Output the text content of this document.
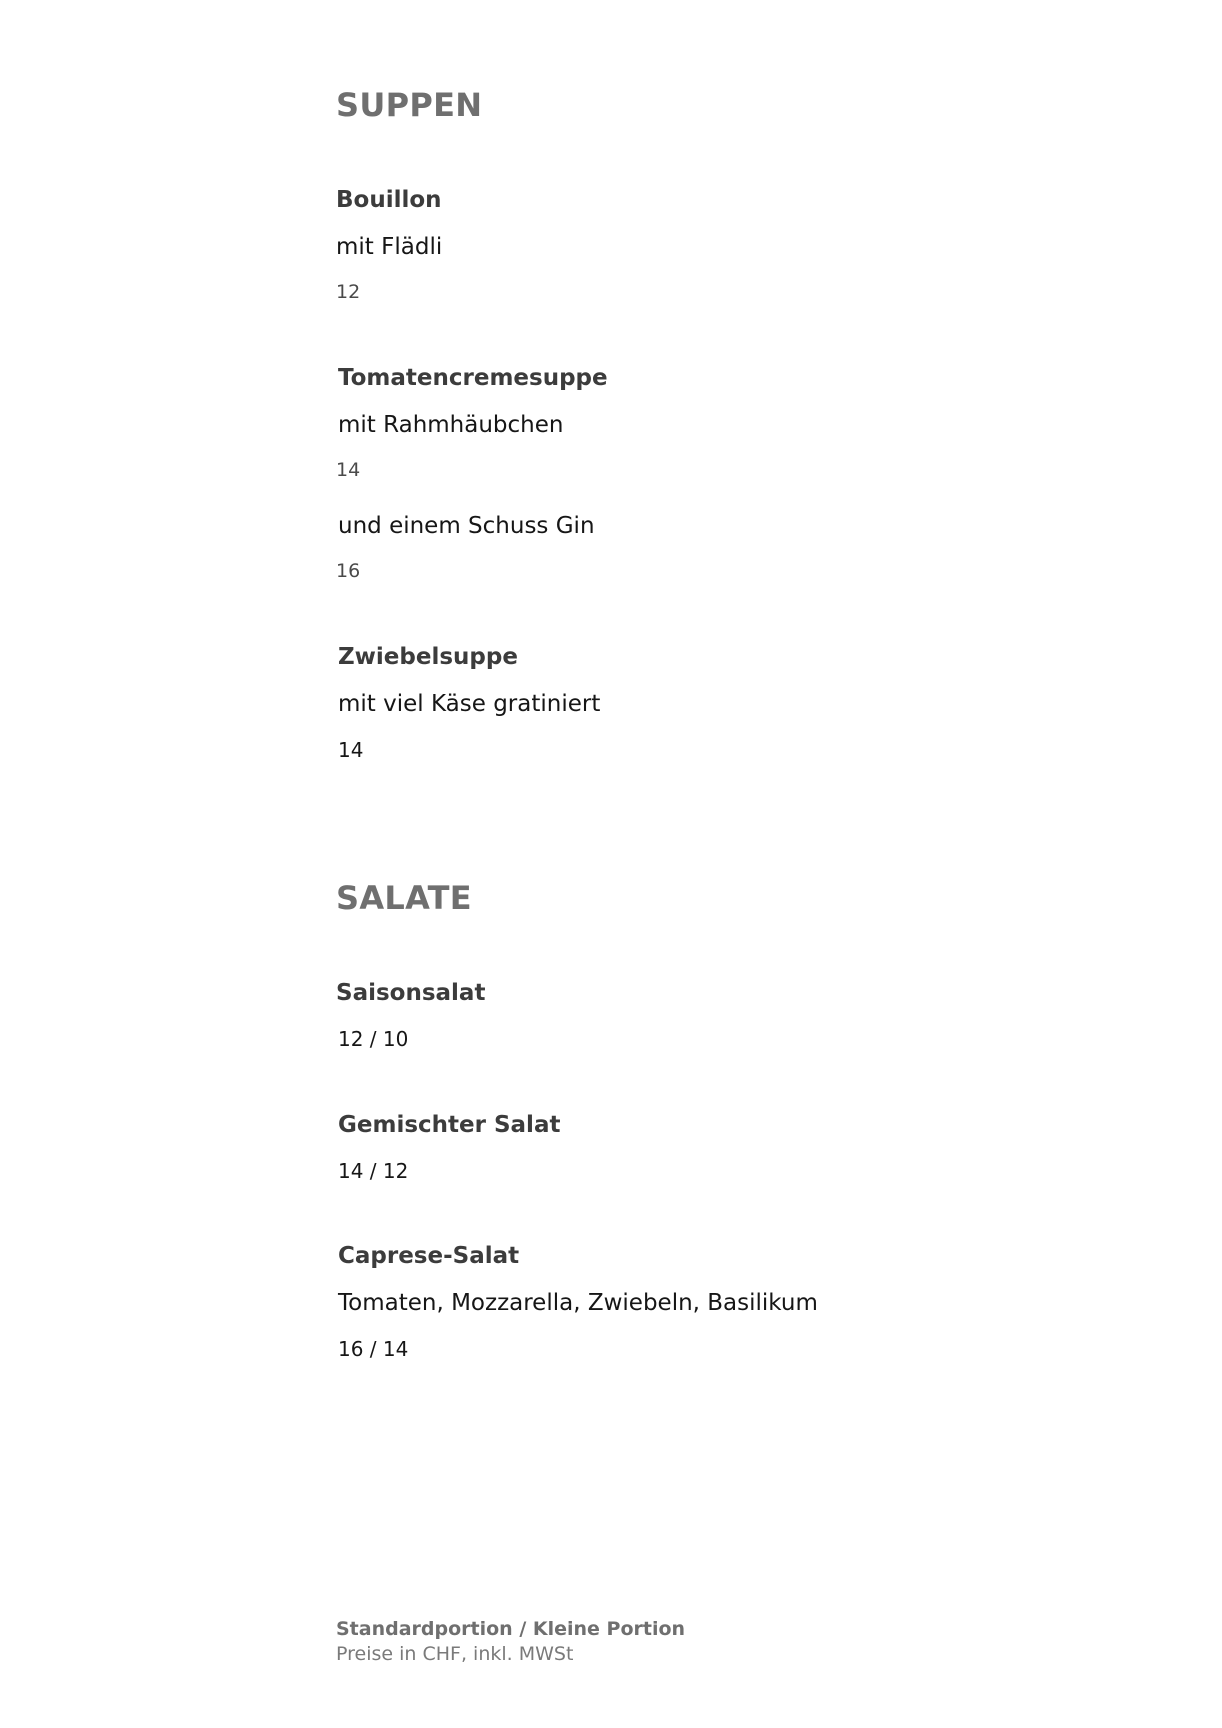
SUPPEN
Bouillon
mit Flädli
12
Tomatencremesuppe
mit Rahmhäubchen
14
und einem Schuss Gin
16
Zwiebelsuppe
mit viel Käse gratiniert
14
SALATE
Saisonsalat
12 / 10
Gemischter Salat
14 / 12
Caprese-Salat
Tomaten, Mozzarella, Zwiebeln, Basilikum
16 / 14
Standardportion / Kleine Portion
Preise in CHF, inkl. MWSt
